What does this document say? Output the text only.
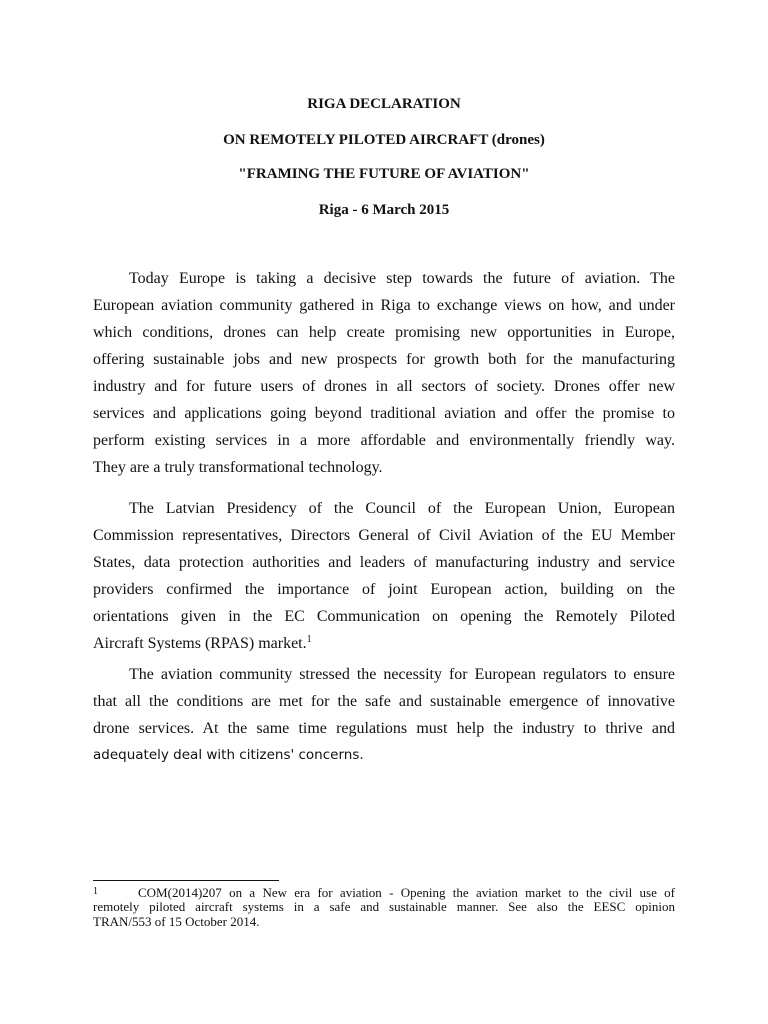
RIGA DECLARATION
ON REMOTELY PILOTED AIRCRAFT (drones)
"FRAMING THE FUTURE OF AVIATION"
Riga - 6 March 2015
Today Europe is taking a decisive step towards the future of aviation. The
European aviation community gathered in Riga to exchange views on how, and under
which conditions, drones can help create promising new opportunities in Europe,
offering sustainable jobs and new prospects for growth both for the manufacturing
industry and for future users of drones in all sectors of society. Drones offer new
services and applications going beyond traditional aviation and offer the promise to
perform existing services in a more affordable and environmentally friendly way.
They are a truly transformational technology.
The Latvian Presidency of the Council of the European Union, European
Commission representatives, Directors General of Civil Aviation of the EU Member
States, data protection authorities and leaders of manufacturing industry and service
providers confirmed the importance of joint European action, building on the
orientations given in the EC Communication on opening the Remotely Piloted
Aircraft Systems (RPAS) market.$^1$
The aviation community stressed the necessity for European regulators to ensure
that all the conditions are met for the safe and sustainable emergence of innovative
drone services. At the same time regulations must help the industry to thrive and
adequately deal with citizens' concerns.
1	COM(2014)207 on a New era for aviation - Opening the aviation market to the civil use of
remotely piloted aircraft systems in a safe and sustainable manner. See also the EESC opinion
TRAN/553 of 15 October 2014.
